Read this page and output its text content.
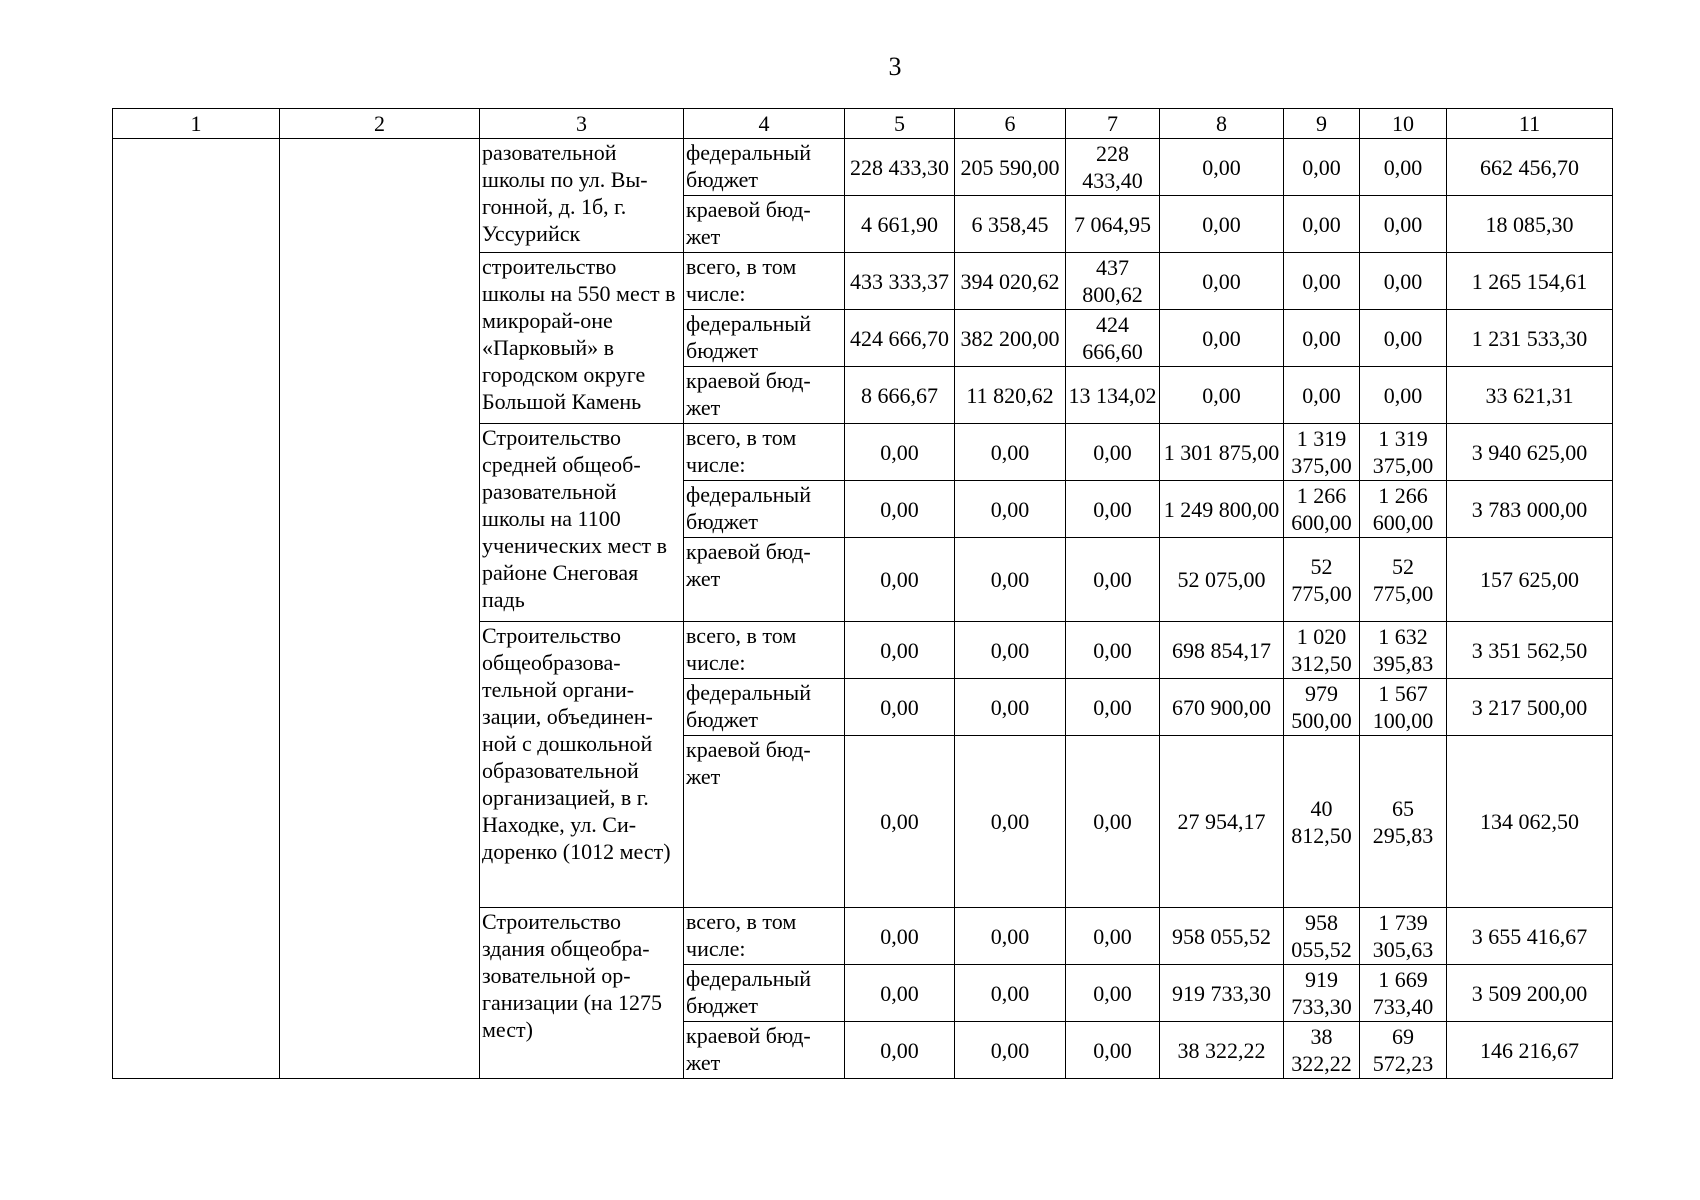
3
1	2	3	4	5	6	7	8	9	10	11
		разовательной школы по ул. Вы-гонной, д. 1б, г. Уссурийск	федеральный бюджет	228 433,30	205 590,00	228 433,40	0,00	0,00	0,00	662 456,70
			краевой бюд-жет	4 661,90	6 358,45	7 064,95	0,00	0,00	0,00	18 085,30
		строительство школы на 550 мест в микрорай-оне «Парковый» в городском округе Большой Камень	всего, в том числе:	433 333,37	394 020,62	437 800,62	0,00	0,00	0,00	1 265 154,61
			федеральный бюджет	424 666,70	382 200,00	424 666,60	0,00	0,00	0,00	1 231 533,30
			краевой бюд-жет	8 666,67	11 820,62	13 134,02	0,00	0,00	0,00	33 621,31
		Строительство средней общеоб-разовательной школы на 1100 ученических мест в районе Снеговая падь	всего, в том числе:	0,00	0,00	0,00	1 301 875,00	1 319 375,00	1 319 375,00	3 940 625,00
			федеральный бюджет	0,00	0,00	0,00	1 249 800,00	1 266 600,00	1 266 600,00	3 783 000,00
			краевой бюд-жет	0,00	0,00	0,00	52 075,00	52 775,00	52 775,00	157 625,00
		Строительство общеобразова-тельной органи-зации, объединен-ной с дошкольной образовательной организацией, в г. Находке, ул. Си-доренко (1012 мест)	всего, в том числе:	0,00	0,00	0,00	698 854,17	1 020 312,50	1 632 395,83	3 351 562,50
			федеральный бюджет	0,00	0,00	0,00	670 900,00	979 500,00	1 567 100,00	3 217 500,00
			краевой бюд-жет	0,00	0,00	0,00	27 954,17	40 812,50	65 295,83	134 062,50
		Строительство здания общеобра-зовательной ор-ганизации (на 1275 мест)	всего, в том числе:	0,00	0,00	0,00	958 055,52	958 055,52	1 739 305,63	3 655 416,67
			федеральный бюджет	0,00	0,00	0,00	919 733,30	919 733,30	1 669 733,40	3 509 200,00
			краевой бюд-жет	0,00	0,00	0,00	38 322,22	38 322,22	69 572,23	146 216,67
